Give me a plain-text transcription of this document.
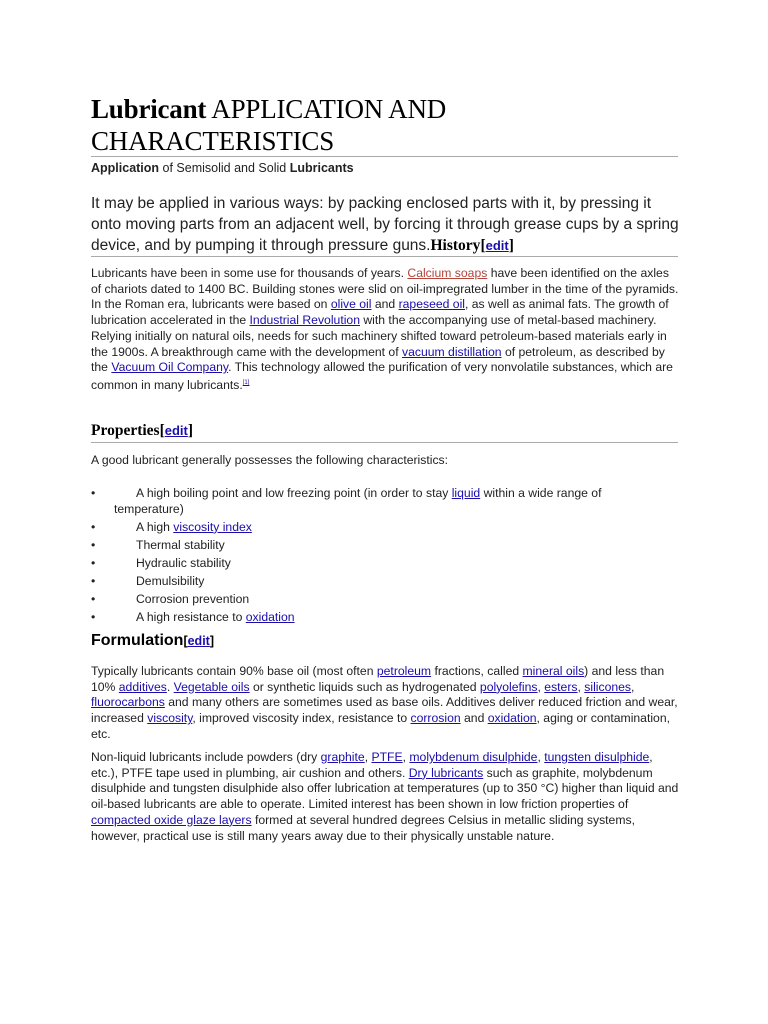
Lubricant APPLICATION AND CHARACTERISTICS

Application of Semisolid and Solid Lubricants

It may be applied in various ways: by packing enclosed parts with it, by pressing it onto moving parts from an adjacent well, by forcing it through grease cups by a spring device, and by pumping it through pressure guns.History[edit]

Lubricants have been in some use for thousands of years. Calcium soaps have been identified on the axles of chariots dated to 1400 BC. Building stones were slid on oil-impregrated lumber in the time of the pyramids. In the Roman era, lubricants were based on olive oil and rapeseed oil, as well as animal fats. The growth of lubrication accelerated in the Industrial Revolution with the accompanying use of metal-based machinery. Relying initially on natural oils, needs for such machinery shifted toward petroleum-based materials early in the 1900s. A breakthrough came with the development of vacuum distillation of petroleum, as described by the Vacuum Oil Company. This technology allowed the purification of very nonvolatile substances, which are common in many lubricants.[1]

Properties[edit]

A good lubricant generally possesses the following characteristics:

•	A high boiling point and low freezing point (in order to stay liquid within a wide range of
temperature)
•	A high viscosity index
•	Thermal stability
•	Hydraulic stability
•	Demulsibility
•	Corrosion prevention
•	A high resistance to oxidation
Formulation[edit]

Typically lubricants contain 90% base oil (most often petroleum fractions, called mineral oils) and less than 10% additives. Vegetable oils or synthetic liquids such as hydrogenated polyolefins, esters, silicones, fluorocarbons and many others are sometimes used as base oils. Additives deliver reduced friction and wear, increased viscosity, improved viscosity index, resistance to corrosion and oxidation, aging or contamination, etc.

Non-liquid lubricants include powders (dry graphite, PTFE, molybdenum disulphide, tungsten disulphide, etc.), PTFE tape used in plumbing, air cushion and others. Dry lubricants such as graphite, molybdenum disulphide and tungsten disulphide also offer lubrication at temperatures (up to 350 °C) higher than liquid and oil-based lubricants are able to operate. Limited interest has been shown in low friction properties of compacted oxide glaze layers formed at several hundred degrees Celsius in metallic sliding systems, however, practical use is still many years away due to their physically unstable nature.
